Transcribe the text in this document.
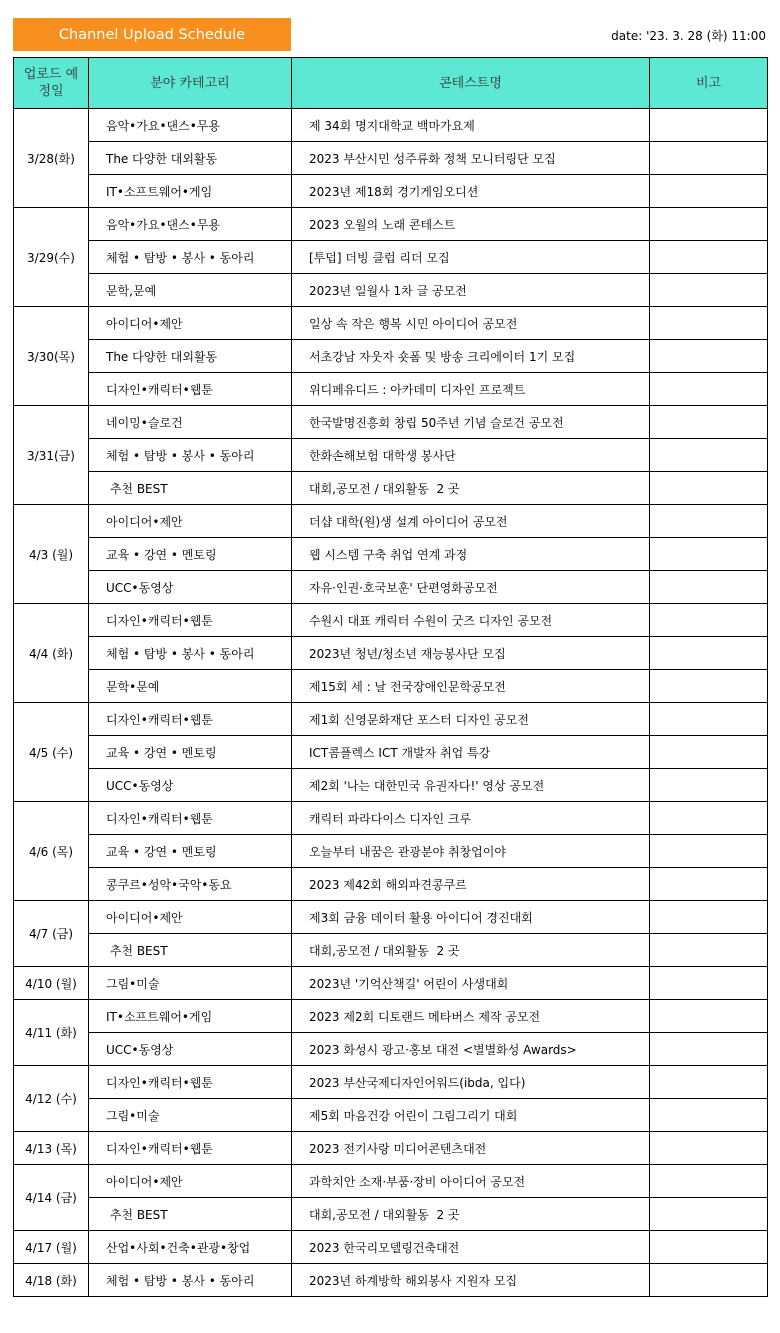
Channel Upload Schedule	date: '23. 3. 28 (화) 11:00
업로드 예정일	분야 카테고리	콘테스트명	비고
3/28(화)	음악•가요•댄스•무용	제 34회 명지대학교 백마가요제	
	The 다양한 대외활동	2023 부산시민 성주류화 정책 모니터링단 모집	
	IT•소프트웨어•게임	2023년 제18회 경기게임오디션	
3/29(수)	음악•가요•댄스•무용	2023 오월의 노래 콘테스트	
	체험 • 탐방 • 봉사 • 동아리	[투덥] 더빙 클럽 리더 모집	
	문학,문예	2023년 일월사 1차 글 공모전	
3/30(목)	아이디어•제안	일상 속 작은 행복 시민 아이디어 공모전	
	The 다양한 대외활동	서초강남 자웃자 숏폼 및 방송 크리에이터 1기 모집	
	디자인•캐릭터•웹툰	위디페유디드 : 아카데미 디자인 프로젝트	
3/31(금)	네이밍•슬로건	한국발명진흥회 창립 50주년 기념 슬로건 공모전	
	체험 • 탐방 • 봉사 • 동아리	한화손해보험 대학생 봉사단	
	추천 BEST	대회,공모전 / 대외활동  2 곳	
4/3 (월)	아이디어•제안	더샵 대학(원)생 설계 아이디어 공모전	
	교육 • 강연 • 멘토링	웹 시스템 구축 취업 연계 과정	
	UCC•동영상	자유·인권·호국보훈' 단편영화공모전	
4/4 (화)	디자인•캐릭터•웹툰	수원시 대표 캐릭터 수원이 굿즈 디자인 공모전	
	체험 • 탐방 • 봉사 • 동아리	2023년 청년/청소년 재능봉사단 모집	
	문학•문예	제15회 세 : 날 전국장애인문학공모전	
4/5 (수)	디자인•캐릭터•웹툰	제1회 신영문화재단 포스터 디자인 공모전	
	교육 • 강연 • 멘토링	ICT콤플렉스 ICT 개발자 취업 특강	
	UCC•동영상	제2회 '나는 대한민국 유권자다!' 영상 공모전	
4/6 (목)	디자인•캐릭터•웹툰	캐릭터 파라다이스 디자인 크루	
	교육 • 강연 • 멘토링	오늘부터 내꿈은 관광분야 취창업이야	
	콩쿠르•성악•국악•동요	2023 제42회 해외파견콩쿠르	
4/7 (금)	아이디어•제안	제3회 금융 데이터 활용 아이디어 경진대회	
	추천 BEST	대회,공모전 / 대외활동  2 곳	
4/10 (월)	그림•미술	2023년 '기억산책길' 어린이 사생대회	
4/11 (화)	IT•소프트웨어•게임	2023 제2회 디토랜드 메타버스 제작 공모전	
	UCC•동영상	2023 화성시 광고·홍보 대전 <별별화성 Awards>	
4/12 (수)	디자인•캐릭터•웹툰	2023 부산국제디자인어워드(ibda, 입다)	
	그림•미술	제5회 마음건강 어린이 그림그리기 대회	
4/13 (목)	디자인•캐릭터•웹툰	2023 전기사랑 미디어콘텐츠대전	
4/14 (금)	아이디어•제안	과학치안 소재·부품·장비 아이디어 공모전	
	추천 BEST	대회,공모전 / 대외활동  2 곳	
4/17 (월)	산업•사회•건축•관광•창업	2023 한국리모델링건축대전	
4/18 (화)	체험 • 탐방 • 봉사 • 동아리	2023년 하계방학 해외봉사 지원자 모집	
